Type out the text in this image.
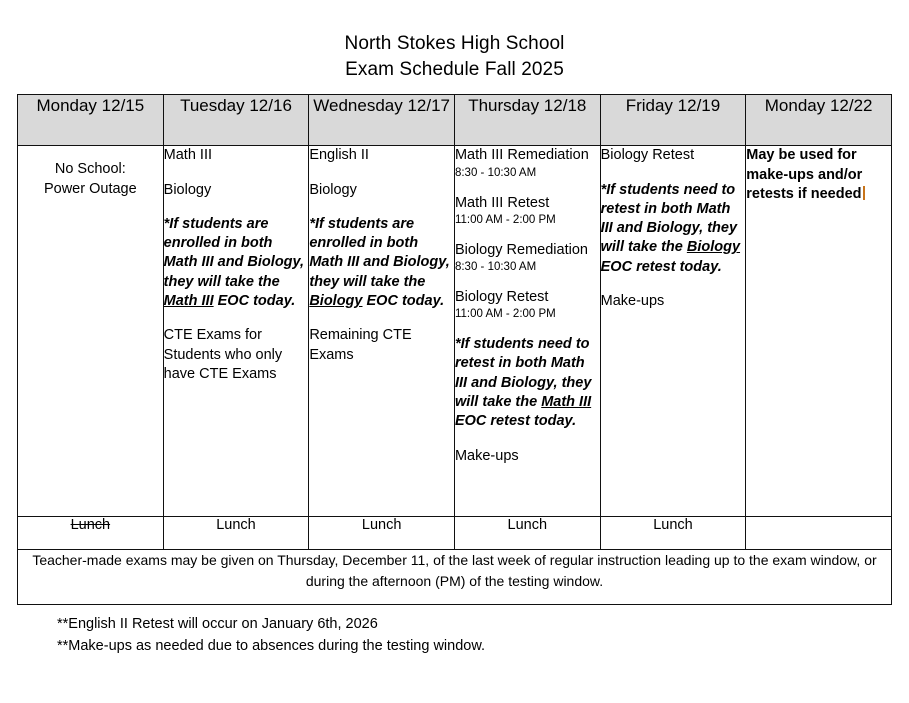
North Stokes High School
Exam Schedule Fall 2025
Monday 12/15	Tuesday 12/16	Wednesday 12/17	Thursday 12/18	Friday 12/19	Monday 12/22

No School:
Power Outage

Math III
Biology
*If students are enrolled in both Math III and Biology, they will take the Math III EOC today.
CTE Exams for Students who only have CTE Exams

English II
Biology
*If students are enrolled in both Math III and Biology, they will take the Biology EOC today.
Remaining CTE Exams

Math III Remediation
8:30 - 10:30 AM
Math III Retest
11:00 AM - 2:00 PM
Biology Remediation
8:30 - 10:30 AM
Biology Retest
11:00 AM - 2:00 PM
*If students need to retest in both Math III and Biology, they will take the Math III EOC retest today.
Make-ups

Biology Retest
*If students need to retest in both Math III and Biology, they will take the Biology EOC retest today.
Make-ups

May be used for make-ups and/or retests if needed

Lunch	Lunch	Lunch	Lunch	Lunch	
Teacher-made exams may be given on Thursday, December 11, of the last week of regular instruction leading up to the exam window, or during the afternoon (PM) of the testing window.					
**English II Retest will occur on January 6th, 2026
**Make-ups as needed due to absences during the testing window.
